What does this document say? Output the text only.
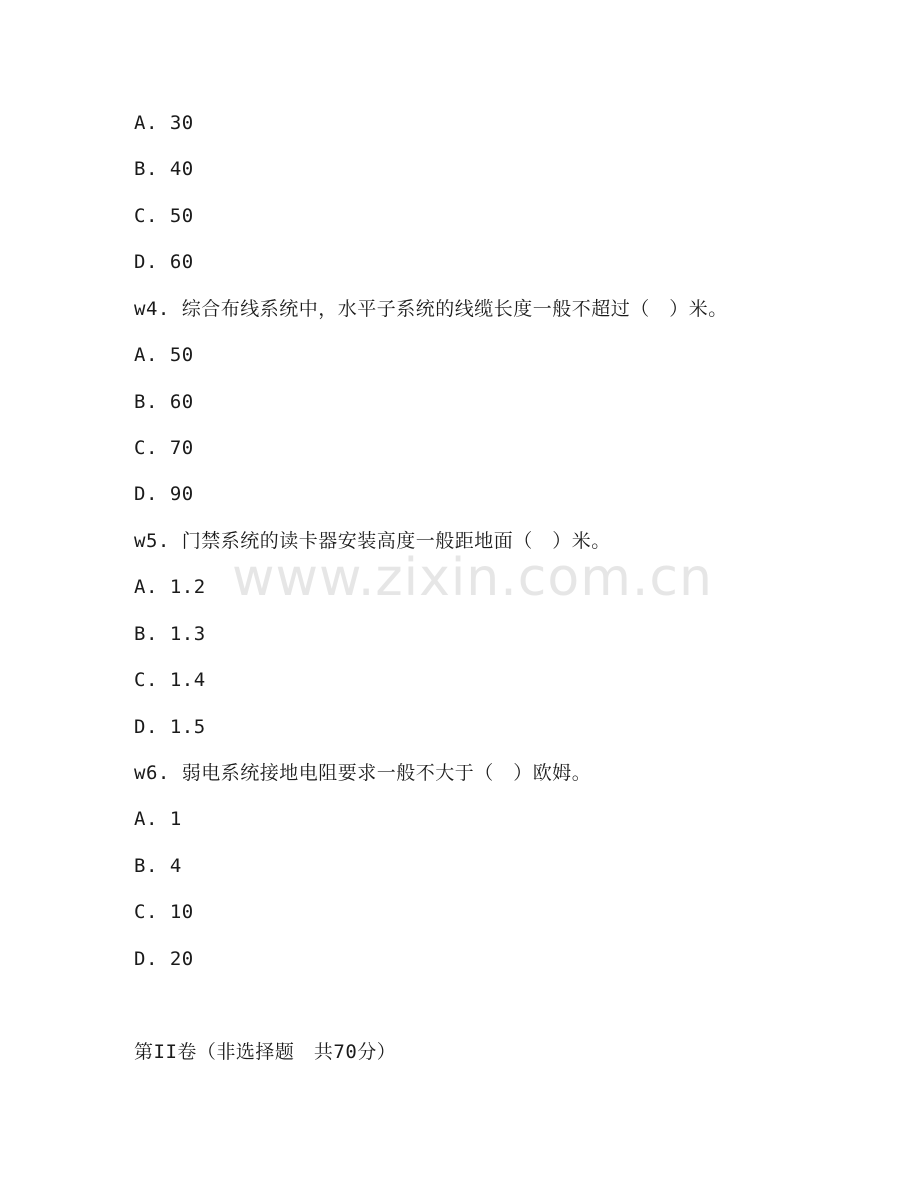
www.zixin.com.cn
A. 30
B. 40
C. 50
D. 60
w4. 综合布线系统中，水平子系统的线缆长度一般不超过（　）米。
A. 50
B. 60
C. 70
D. 90
w5. 门禁系统的读卡器安装高度一般距地面（　）米。
A. 1.2
B. 1.3
C. 1.4
D. 1.5
w6. 弱电系统接地电阻要求一般不大于（　）欧姆。
A. 1
B. 4
C. 10
D. 20
第II卷（非选择题　共70分）
